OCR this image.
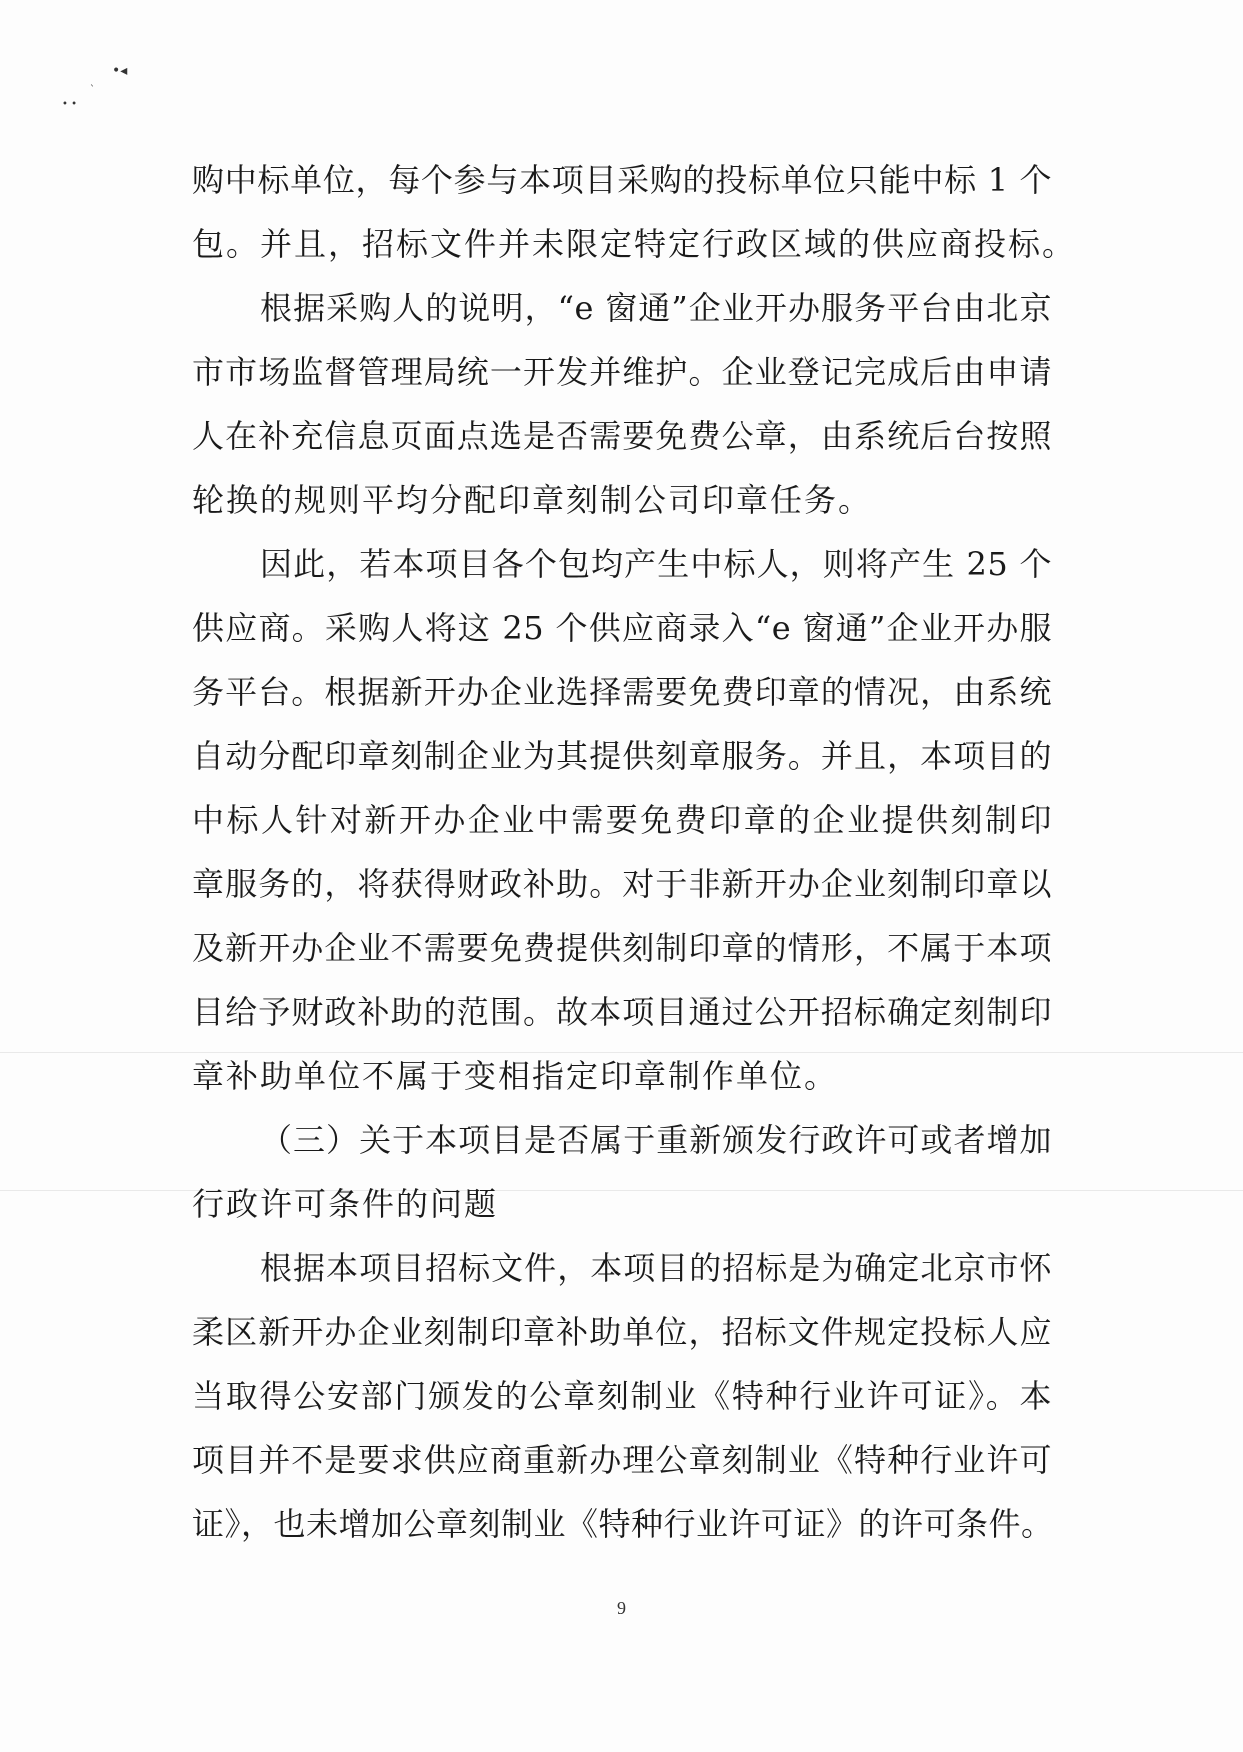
•◂
• •
ˋ
购中标单位，每个参与本项目采购的投标单位只能中标 1 个
包。并且，招标文件并未限定特定行政区域的供应商投标。
根据采购人的说明，“e 窗通”企业开办服务平台由北京
市市场监督管理局统一开发并维护。企业登记完成后由申请
人在补充信息页面点选是否需要免费公章，由系统后台按照
轮换的规则平均分配印章刻制公司印章任务。
因此，若本项目各个包均产生中标人，则将产生 25 个
供应商。采购人将这 25 个供应商录入“e 窗通”企业开办服
务平台。根据新开办企业选择需要免费印章的情况，由系统
自动分配印章刻制企业为其提供刻章服务。并且，本项目的
中标人针对新开办企业中需要免费印章的企业提供刻制印
章服务的，将获得财政补助。对于非新开办企业刻制印章以
及新开办企业不需要免费提供刻制印章的情形，不属于本项
目给予财政补助的范围。故本项目通过公开招标确定刻制印
章补助单位不属于变相指定印章制作单位。
（三）关于本项目是否属于重新颁发行政许可或者增加
行政许可条件的问题
根据本项目招标文件，本项目的招标是为确定北京市怀
柔区新开办企业刻制印章补助单位，招标文件规定投标人应
当取得公安部门颁发的公章刻制业《特种行业许可证》。本
项目并不是要求供应商重新办理公章刻制业《特种行业许可
证》，也未增加公章刻制业《特种行业许可证》的许可条件。
9
